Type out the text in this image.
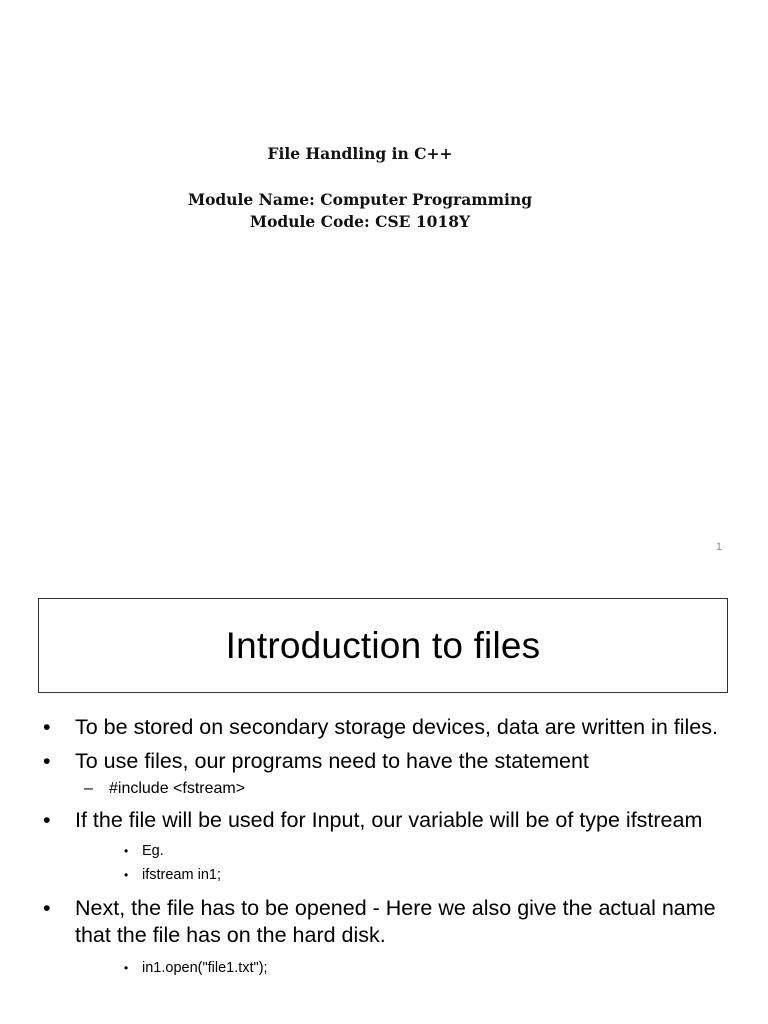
File Handling in C++
Module Name: Computer Programming
Module Code: CSE 1018Y
1
Introduction to files
• To be stored on secondary storage devices, data are written in files.
• To use files, our programs need to have the statement
– #include <fstream>
• If the file will be used for Input, our variable will be of type ifstream
• Eg.
• ifstream in1;
• Next, the file has to be opened - Here we also give the actual name that the file has on the hard disk.
• in1.open("file1.txt");
